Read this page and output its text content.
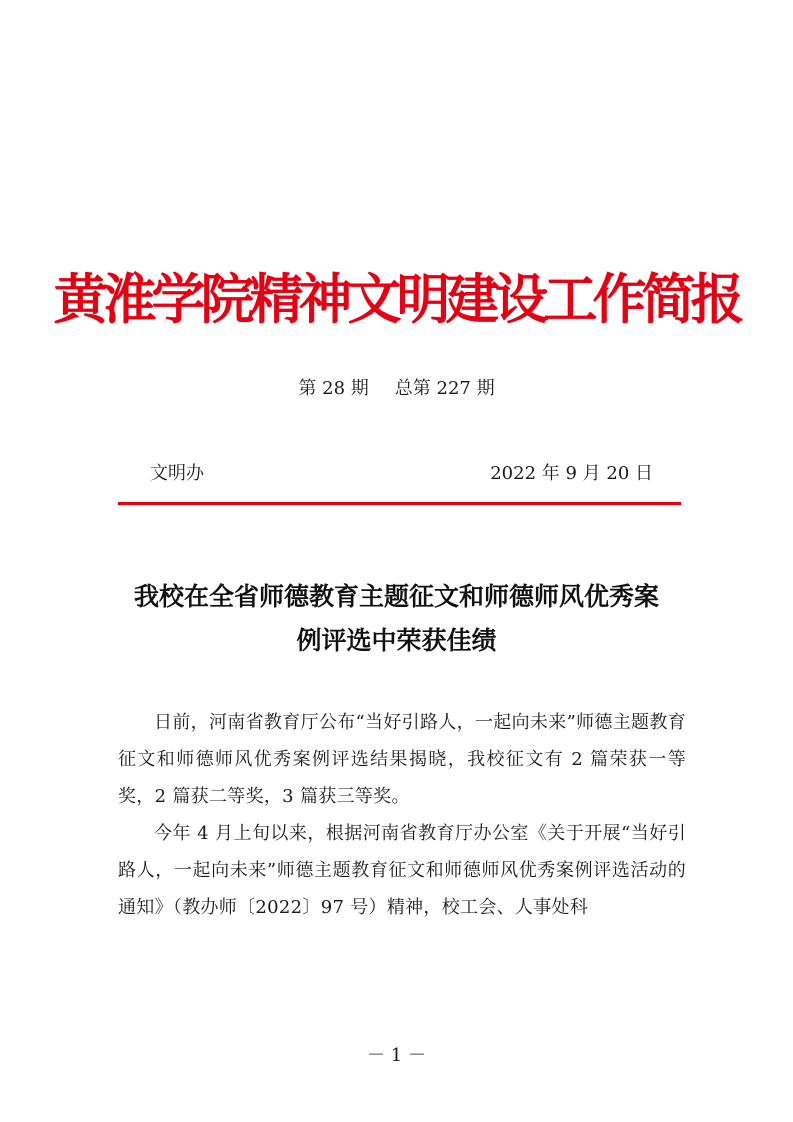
黄淮学院精神文明建设工作简报
第 28 期 总第 227 期
文明办	2022 年 9 月 20 日
我校在全省师德教育主题征文和师德师风优秀案
例评选中荣获佳绩

日前，河南省教育厅公布“当好引路人，一起向未来”师德主题教育征文和师德师风优秀案例评选结果揭晓，我校征文有 2 篇荣获一等奖，2 篇获二等奖，3 篇获三等奖。

今年 4 月上旬以来，根据河南省教育厅办公室《关于开展“当好引路人，一起向未来”师德主题教育征文和师德师风优秀案例评选活动的通知》（教办师〔2022〕97 号）精神，校工会、人事处科

－ 1 －
